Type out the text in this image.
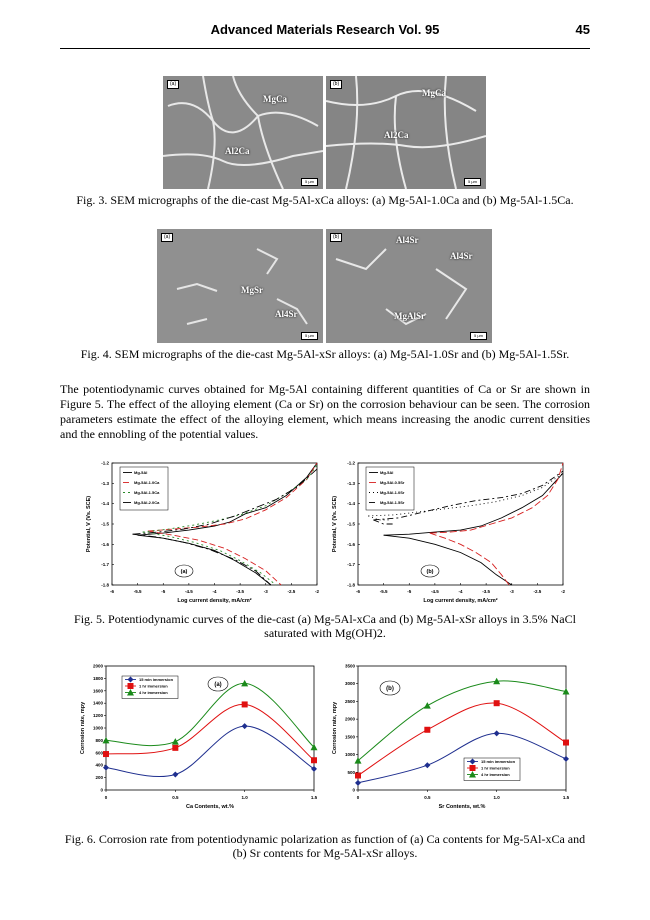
Advanced Materials Research Vol. 95	45
(a)
MgCa
Al2Ca
5 µm
(b)
MgCa
Al2Ca
5 µm
Fig. 3. SEM micrographs of the die-cast Mg-5Al-xCa alloys: (a) Mg-5Al-1.0Ca and (b) Mg-5Al-1.5Ca.
(a)
MgSr
Al4Sr
5 µm
(b)	Al4Sr
Al4Sr
MgAlSr
5 µm
Fig. 4. SEM micrographs of the die-cast Mg-5Al-xSr alloys: (a) Mg-5Al-1.0Sr and (b) Mg-5Al-1.5Sr.
The potentiodynamic curves obtained for Mg-5Al containing different quantities of Ca or Sr are shown in Figure 5. The effect of the alloying element (Ca or Sr) on the corrosion behaviour can be seen. The corrosion parameters estimate the effect of the alloying element, which means increasing the anodic current densities and the ennobling of the potential values.
-6	-5.5	-5	-4.5	-4	-3.5	-3	-2.5	-2
-1.2
-1.3
-1.4
-1.5
-1.6
-1.7
-1.8
Log current density, mA/cm²
Potential, V (Vs. SCE)
Mg-5Al
Mg-5Al-1.0Ca
Mg-5Al-1.5Ca
Mg-5Al-2.0Ca
(a)
-6	-5.5	-5	-4.5	-4	-3.5	-3	-2.5	-2
-1.2
-1.3
-1.4
-1.5
-1.6
-1.7
-1.8
Log current density, mA/cm²
Potential, V (Vs. SCE)
Mg-5Al
Mg-5Al-0.5Sr
Mg-5Al-1.0Sr
Mg-5Al-1.5Sr
(b)
Fig. 5. Potentiodynamic curves of the die-cast (a) Mg-5Al-xCa and (b) Mg-5Al-xSr alloys in 3.5% NaCl saturated with Mg(OH)2.
0	0.5	1.0	1.5
0
200
400
600
800
1000
1200
1400
1600
1800
2000
Ca Contents, wt.%
Corrosion rate, mpy
15 min immersion
1 hr immersion
4 hr immersion
(a)
0	0.5	1.0	1.5
0
500
1000
1500
2000
2500
3000
3500
Sr Contents, wt.%
Corrosion rate, mpy
15 min immersion
1 hr immersion
4 hr immersion
(b)
Fig. 6. Corrosion rate from potentiodynamic polarization as function of (a) Ca contents for Mg-5Al-xCa and (b) Sr contents for Mg-5Al-xSr alloys.
